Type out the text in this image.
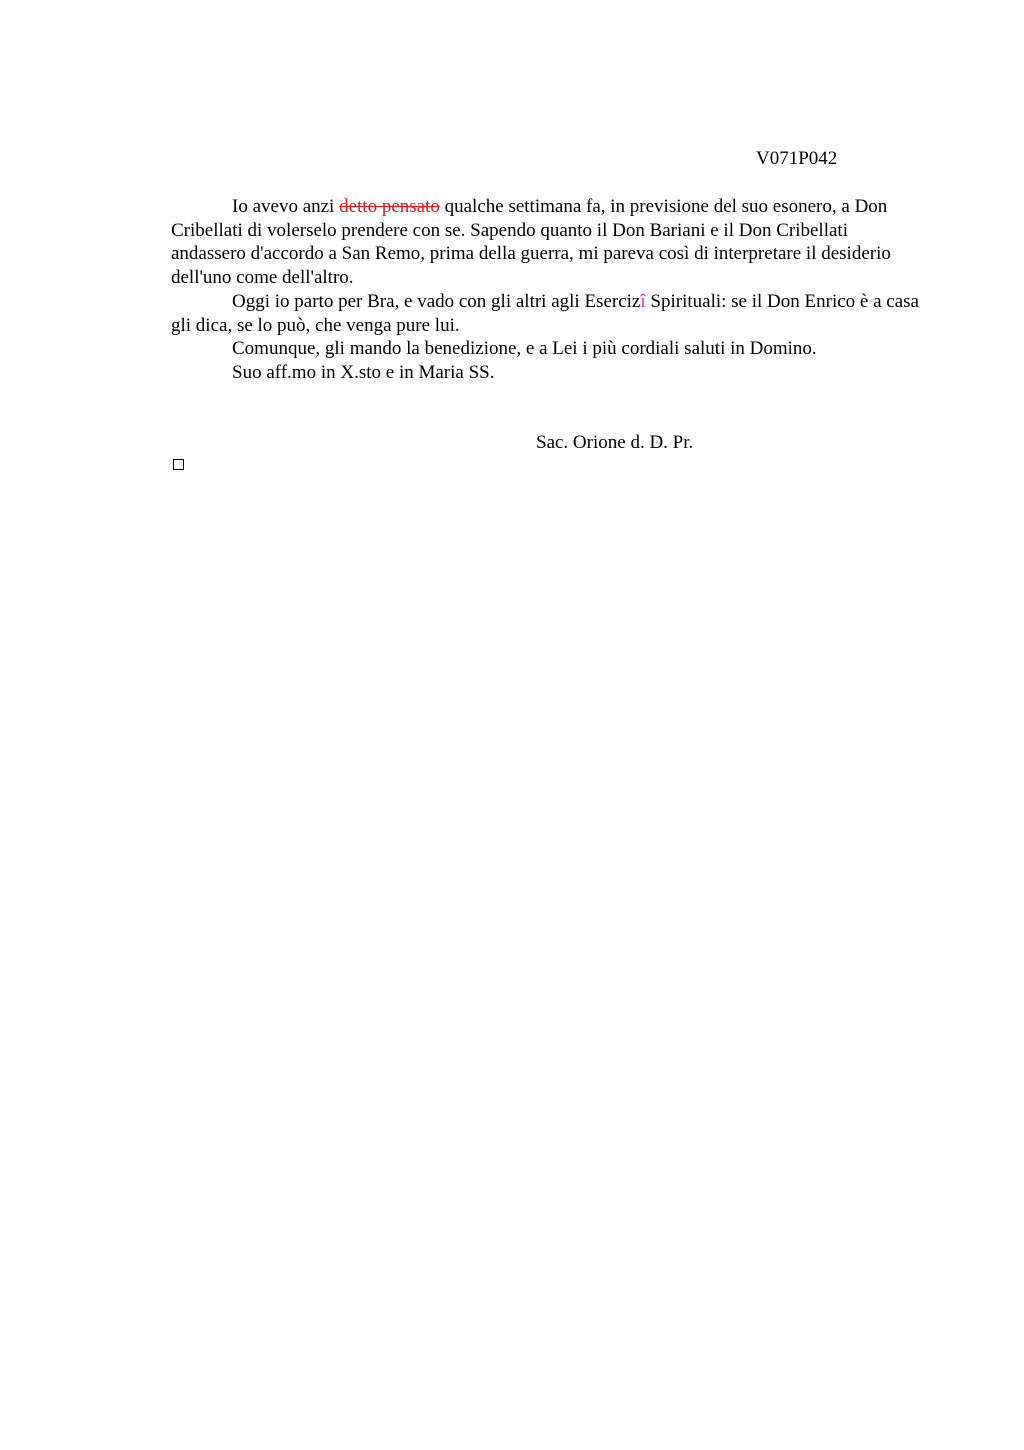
V071P042

Io avevo anzi detto pensato qualche settimana fa, in previsione del suo esonero, a Don Cribellati di volerselo prendere con se. Sapendo quanto il Don Bariani e il Don Cribellati andassero d'accordo a San Remo, prima della guerra, mi pareva così di interpretare il desiderio dell'uno come dell'altro.

Oggi io parto per Bra, e vado con gli altri agli Esercizî Spirituali: se il Don Enrico è a casa gli dica, se lo può, che venga pure lui.

Comunque, gli mando la benedizione, e a Lei i più cordiali saluti in Domino.

Suo aff.mo in X.sto e in Maria SS.

Sac. Orione d. D. Pr.
